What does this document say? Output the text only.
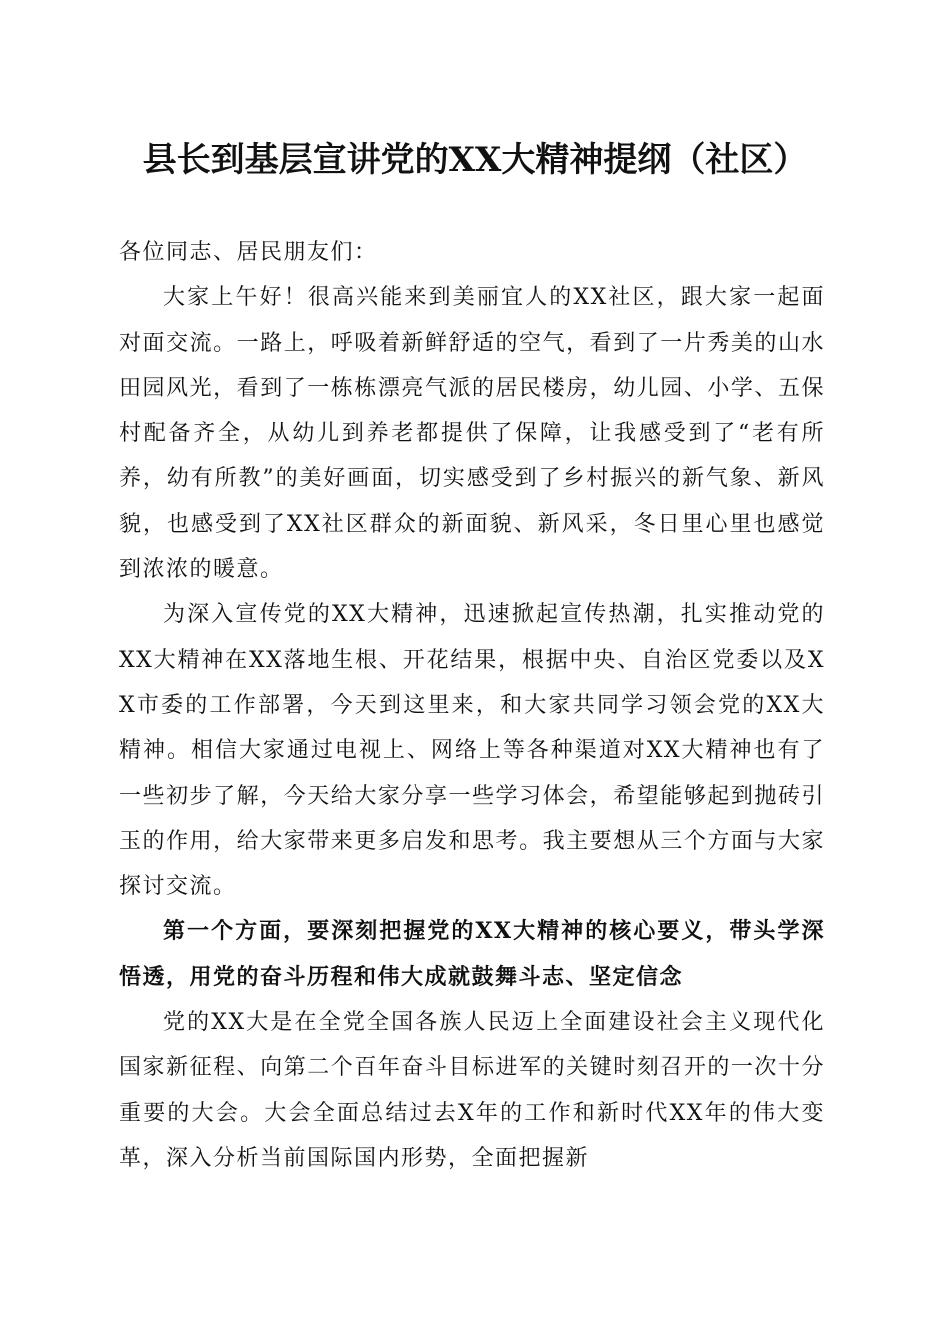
县长到基层宣讲党的XX大精神提纲（社区）

各位同志、居民朋友们：

大家上午好！很高兴能来到美丽宜人的XX社区，跟大家一起面对面交流。一路上，呼吸着新鲜舒适的空气，看到了一片秀美的山水田园风光，看到了一栋栋漂亮气派的居民楼房，幼儿园、小学、五保村配备齐全，从幼儿到养老都提供了保障，让我感受到了“老有所养，幼有所教”的美好画面，切实感受到了乡村振兴的新气象、新风貌，也感受到了XX社区群众的新面貌、新风采，冬日里心里也感觉到浓浓的暖意。

为深入宣传党的XX大精神，迅速掀起宣传热潮，扎实推动党的XX大精神在XX落地生根、开花结果，根据中央、自治区党委以及XX市委的工作部署，今天到这里来，和大家共同学习领会党的XX大精神。相信大家通过电视上、网络上等各种渠道对XX大精神也有了一些初步了解，今天给大家分享一些学习体会，希望能够起到抛砖引玉的作用，给大家带来更多启发和思考。我主要想从三个方面与大家探讨交流。

第一个方面，要深刻把握党的XX大精神的核心要义，带头学深悟透，用党的奋斗历程和伟大成就鼓舞斗志、坚定信念

党的XX大是在全党全国各族人民迈上全面建设社会主义现代化国家新征程、向第二个百年奋斗目标进军的关键时刻召开的一次十分重要的大会。大会全面总结过去X年的工作和新时代XX年的伟大变革，深入分析当前国际国内形势，全面把握新
